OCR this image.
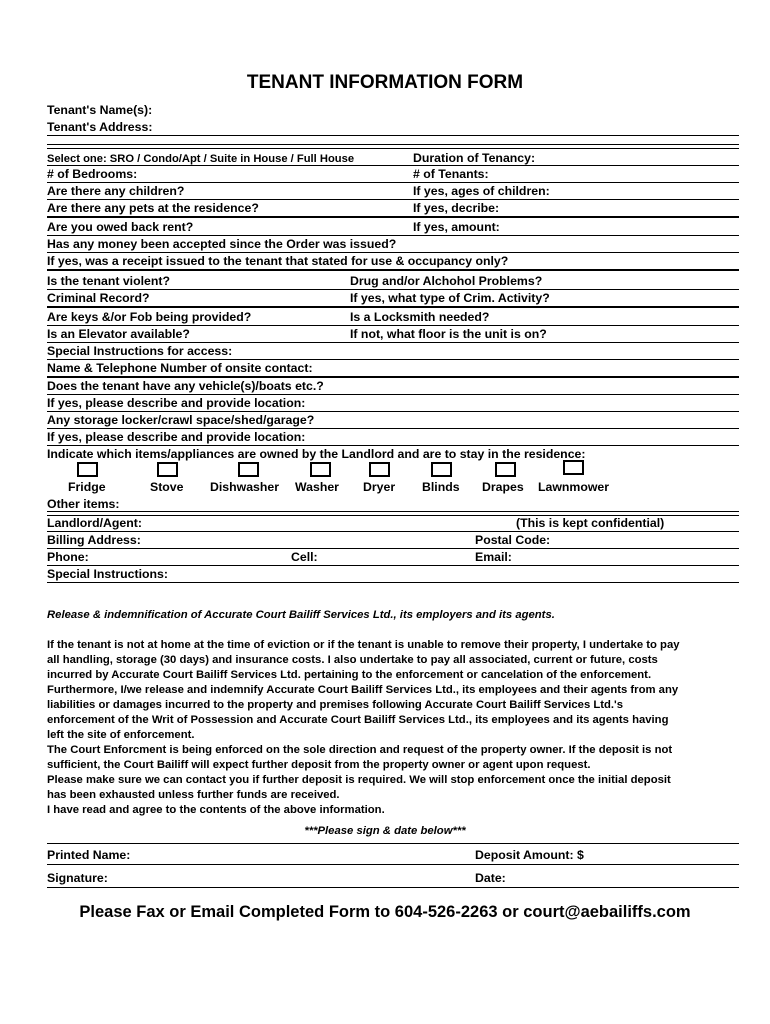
TENANT INFORMATION FORM
Tenant's Name(s):
Tenant's Address:
Select one: SRO / Condo/Apt / Suite in House / Full House	Duration of Tenancy:
# of Bedrooms:	# of Tenants:
Are there any children?	If yes, ages of children:
Are there any pets at the residence?	If yes, decribe:
Are you owed back rent?	If yes, amount:
Has any money been accepted since the Order was issued?
If yes, was a receipt issued to the tenant that stated for use & occupancy only?
Is the tenant violent?	Drug and/or Alchohol Problems?
Criminal Record?	If yes, what type of Crim. Activity?
Are keys &/or Fob being provided?	Is a Locksmith needed?
Is an Elevator available?	If not, what floor is the unit is on?
Special Instructions for access:
Name & Telephone Number of onsite contact:
Does the tenant have any vehicle(s)/boats etc.?
If yes, please describe and provide location:
Any storage locker/crawl space/shed/garage?
If yes, please describe and provide location:
Indicate which items/appliances are owned by the Landlord and are to stay in the residence:
Fridge	Stove Dishwasher Washer Dryer Blinds Drapes Lawnmower
Other items:
Landlord/Agent:	(This is kept confidential)
Billing Address:	Postal Code:
Phone:	Cell:	Email:
Special Instructions:
Release & indemnification of Accurate Court Bailiff Services Ltd., its employers and its agents.
If the tenant is not at home at the time of eviction or if the tenant is unable to remove their property, I undertake to pay
all handling, storage (30 days) and insurance costs. I also undertake to pay all associated, current or future, costs
incurred by Accurate Court Bailiff Services Ltd. pertaining to the enforcement or cancelation of the enforcement.
Furthermore, I/we release and indemnify Accurate Court Bailiff Services Ltd., its employees and their agents from any
liabilities or damages incurred to the property and premises following Accurate Court Bailiff Services Ltd.'s
enforcement of the Writ of Possession and Accurate Court Bailiff Services Ltd., its employees and its agents having
left the site of enforcement.
The Court Enforcment is being enforced on the sole direction and request of the property owner. If the deposit is not
sufficient, the Court Bailiff will expect further deposit from the property owner or agent upon request.
Please make sure we can contact you if further deposit is required. We will stop enforcement once the initial deposit
has been exhausted unless further funds are received.
I have read and agree to the contents of the above information.
***Please sign & date below***
Printed Name:	Deposit Amount: $
Signature:	Date:
Please Fax or Email Completed Form to 604-526-2263 or court@aebailiffs.com
